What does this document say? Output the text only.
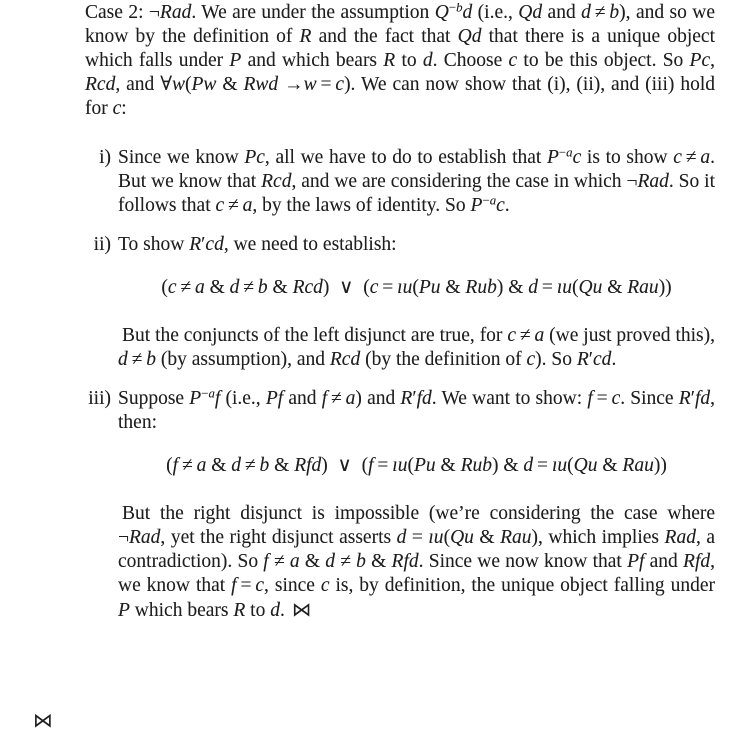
Case 2: ¬Rad. We are under the assumption $Q^{-b}d$ (i.e., Qd and d ≠ b), and so we know by the definition of R and the fact that Qd that there is a unique object which falls under P and which bears R to d. Choose c to be this object. So Pc, Rcd, and ∀w(Pw & Rwd →w = c). We can now show that (i), (ii), and (iii) hold for c:

i) Since we know Pc, all we have to do to establish that $P^{-a}c$ is to show c ≠ a. But we know that Rcd, and we are considering the case in which ¬Rad. So it follows that c ≠ a, by the laws of identity. So $P^{-a}c$.

ii) To show R′cd, we need to establish:

(c ≠ a & d ≠ b & Rcd) ∨ (c = ıu(Pu & Rub) & d = ıu(Qu & Rau))

But the conjuncts of the left disjunct are true, for c ≠ a (we just proved this), d ≠ b (by assumption), and Rcd (by the definition of c). So R′cd.

iii) Suppose $P^{-a}f$ (i.e., Pf and f ≠ a) and R′fd. We want to show: f = c. Since R′fd, then:

(f ≠ a & d ≠ b & Rfd) ∨ (f = ıu(Pu & Rub) & d = ıu(Qu & Rau))

But the right disjunct is impossible (we’re considering the case where ¬Rad, yet the right disjunct asserts d = ıu(Qu & Rau), which implies Rad, a contradiction). So f ≠ a & d ≠ b & Rfd. Since we now know that Pf and Rfd, we know that f = c, since c is, by definition, the unique object falling under P which bears R to d. ⋈

⋈
